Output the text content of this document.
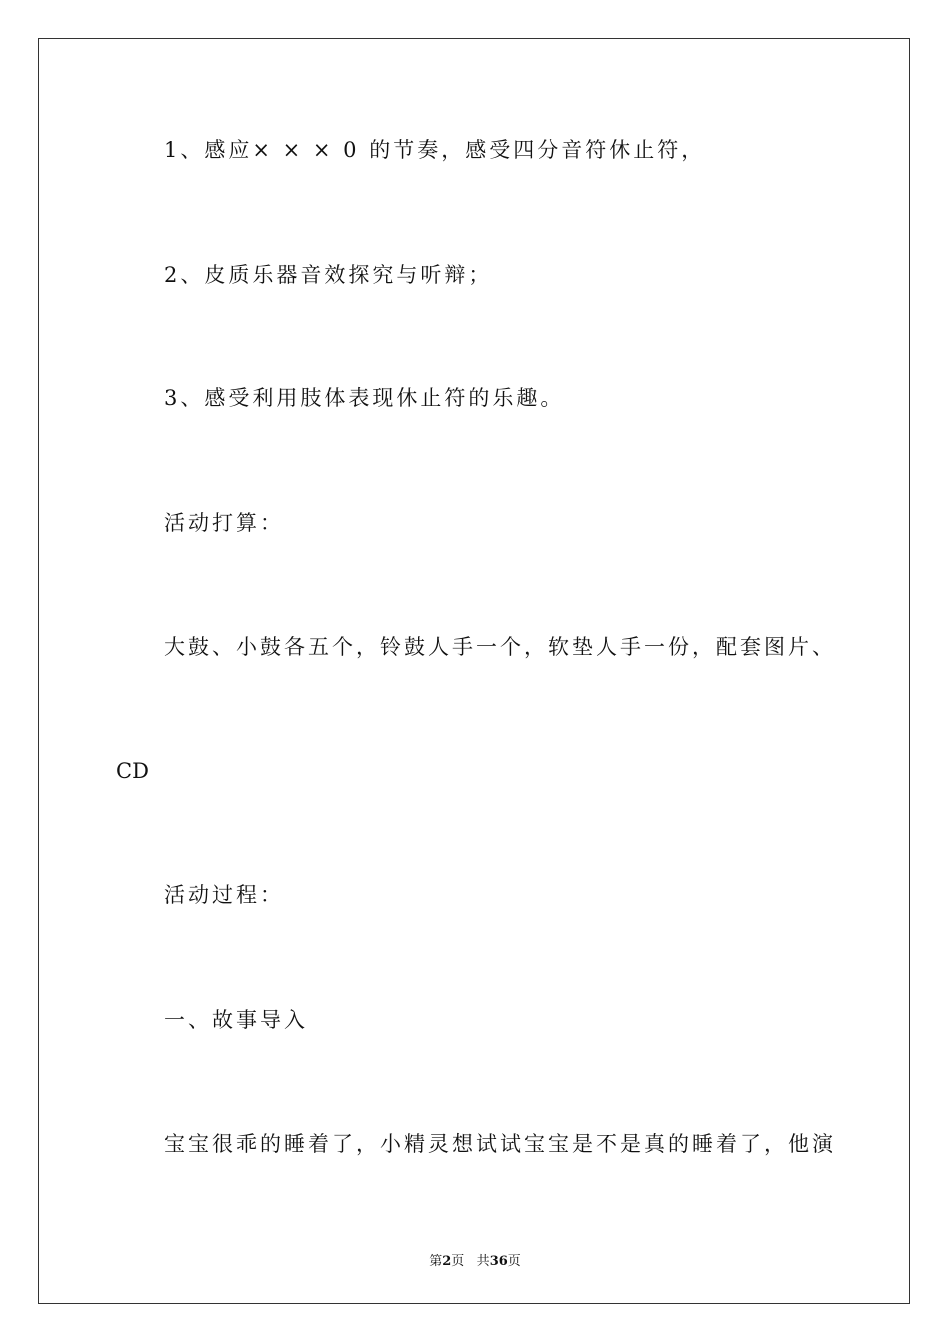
1、感应× × × 0 的节奏，感受四分音符休止符，
2、皮质乐器音效探究与听辩；
3、感受利用肢体表现休止符的乐趣。
活动打算：
大鼓、小鼓各五个，铃鼓人手一个，软垫人手一份，配套图片、
CD
活动过程：
一、故事导入
宝宝很乖的睡着了，小精灵想试试宝宝是不是真的睡着了，他演
第2页 共36页
